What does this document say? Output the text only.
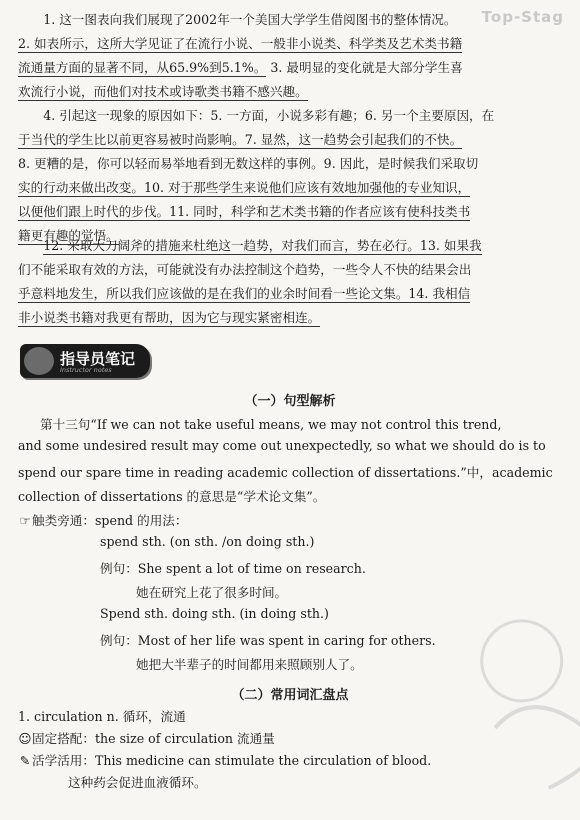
Top-Stag

1. 这一图表向我们展现了2002年一个美国大学学生借阅图书的整体情况。

2. 如表所示，这所大学见证了在流行小说、一般非小说类、科学类及艺术类书籍

流通量方面的显著不同，从65.9%到5.1%。 3. 最明显的变化就是大部分学生喜

欢流行小说，而他们对技术或诗歌类书籍不感兴趣。

4. 引起这一现象的原因如下：5. 一方面，小说多彩有趣；6. 另一个主要原因，在

于当代的学生比以前更容易被时尚影响。7. 显然，这一趋势会引起我们的不快。

8. 更糟的是，你可以轻而易举地看到无数这样的事例。9. 因此，是时候我们采取切

实的行动来做出改变。10. 对于那些学生来说他们应该有效地加强他的专业知识，

以便他们跟上时代的步伐。11. 同时，科学和艺术类书籍的作者应该有使科技类书

籍更有趣的觉悟。

12. 采取大刀阔斧的措施来杜绝这一趋势，对我们而言，势在必行。13. 如果我

们不能采取有效的方法，可能就没有办法控制这个趋势，一些令人不快的结果会出

乎意料地发生，所以我们应该做的是在我们的业余时间看一些论文集。14. 我相信

非小说类书籍对我更有帮助，因为它与现实紧密相连。

指导员笔记
Instructor notes
（一）句型解析
第十三句“If we can not take useful means, we may not control this trend,
and some undesired result may come out unexpectedly, so what we should do is to
spend our spare time in reading academic collection of dissertations.”中，academic
collection of dissertations 的意思是“学术论文集”。
☞触类旁通：spend 的用法：
spend sth. (on sth. /on doing sth.)
例句：She spent a lot of time on research.
她在研究上花了很多时间。
Spend sth. doing sth. (in doing sth.)
例句：Most of her life was spent in caring for others.
她把大半辈子的时间都用来照顾别人了。
（二）常用词汇盘点
1. circulation n. 循环，流通
☺固定搭配：the size of circulation 流通量
✎ 活学活用：This medicine can stimulate the circulation of blood.
这种药会促进血液循环。
